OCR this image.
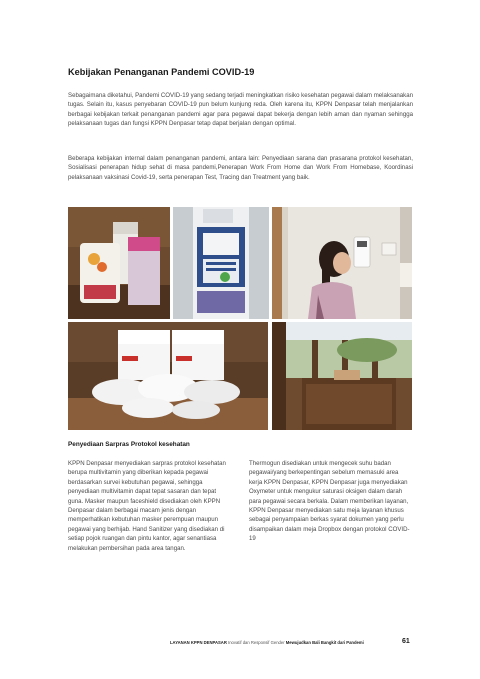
Kebijakan Penanganan Pandemi COVID-19

Sebagaimana diketahui, Pandemi COVID-19 yang sedang terjadi meningkatkan risiko kesehatan pegawai dalam melaksanakan tugas. Selain itu, kasus penyebaran COVID-19 pun belum kunjung reda. Oleh karena itu, KPPN Denpasar telah menjalankan berbagai kebijakan terkait penanganan pandemi agar para pegawai dapat bekerja dengan lebih aman dan nyaman sehingga pelaksanaan tugas dan fungsi KPPN Denpasar tetap dapat berjalan dengan optimal.

Beberapa kebijakan internal dalam penanganan pandemi, antara lain: Penyediaan sarana dan prasarana protokol kesehatan, Sosialisasi penerapan hidup sehat di masa pandemi,Penerapan Work From Home dan Work From Homebase, Koordinasi pelaksanaan vaksinasi Covid-19, serta penerapan Test, Tracing dan Treatment yang baik.

Penyediaan Sarpras Protokol kesehatan

KPPN Denpasar menyediakan sarpras protokol kesehatan berupa multivitamin yang diberikan kepada pegawai berdasarkan survei kebutuhan pegawai, sehingga penyediaan multivitamin dapat tepat sasaran dan tepat guna. Masker maupun faceshield disediakan oleh KPPN Denpasar dalam berbagai macam jenis dengan memperhatikan kebutuhan masker perempuan maupun pegawai yang berhijab. Hand Sanitizer yang disediakan di setiap pojok ruangan dan pintu kantor, agar senantiasa melakukan pembersihan pada area tangan.

Thermogun disediakan untuk mengecek suhu badan pegawai/yang berkepentingan sebelum memasuki area kerja KPPN Denpasar, KPPN Denpasar juga menyediakan Oxymeter untuk mengukur saturasi oksigen dalam darah para pegawai secara berkala. Dalam memberikan layanan, KPPN Denpasar menyediakan satu meja layanan khusus sebagai penyampaian berkas syarat dokumen yang perlu disampaikan dalam meja Dropbox dengan protokol COVID-19

LAYANAN KPPN DENPASAR Inovatif dan Responsif Gender Mewujudkan Bali Bangkit dari Pandemi	61
